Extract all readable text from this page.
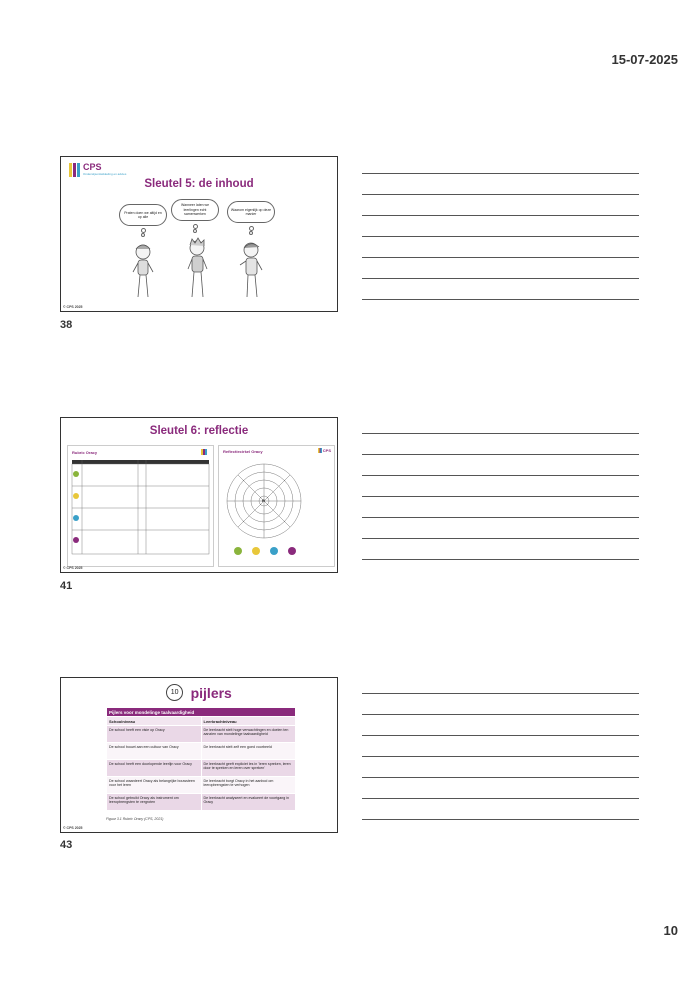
15-07-2025
CPS
Onderwijsontwikkeling en advies
Sleutel 5: de inhoud
Praten doen we altijd en op alle
Wanneer laten we leerlingen echt samenwerken
Waarom eigenlijk op deze manier
© CPS 2025
38
Sleutel 6: reflectie
Rubric Oracy	Reflectiecirkel Oracy	CPS
R
© CPS 2025
41
10 pijlers
Pijlers voor mondelinge taalvaardigheid	
Schoolniveau	Leerkrachtniveau
De school heeft een visie op Oracy	De leerkracht stelt hoge verwachtingen en doelen ten aanzien van mondelinge taalvaardigheid
De school bouwt aan een cultuur van Oracy	De leerkracht stelt zelf een goed voorbeeld
De school heeft een doorlopende leerlijn voor Oracy	De leerkracht geeft expliciet les in 'leren spreken, leren door te spreken en leren over spreken'
De school waardeert Oracy als belangrijke bouwsteen voor het leren	De leerkracht borgt Oracy in het aanbod om leeropbrengsten te verhogen
De school gebruikt Oracy als instrument om leeropbrengsten te vergroten	De leerkracht analyseert en evalueert de voortgang in Oracy
Figuur 3.1 Rubric Oracy (CPS, 2021)
© CPS 2025
43
10
